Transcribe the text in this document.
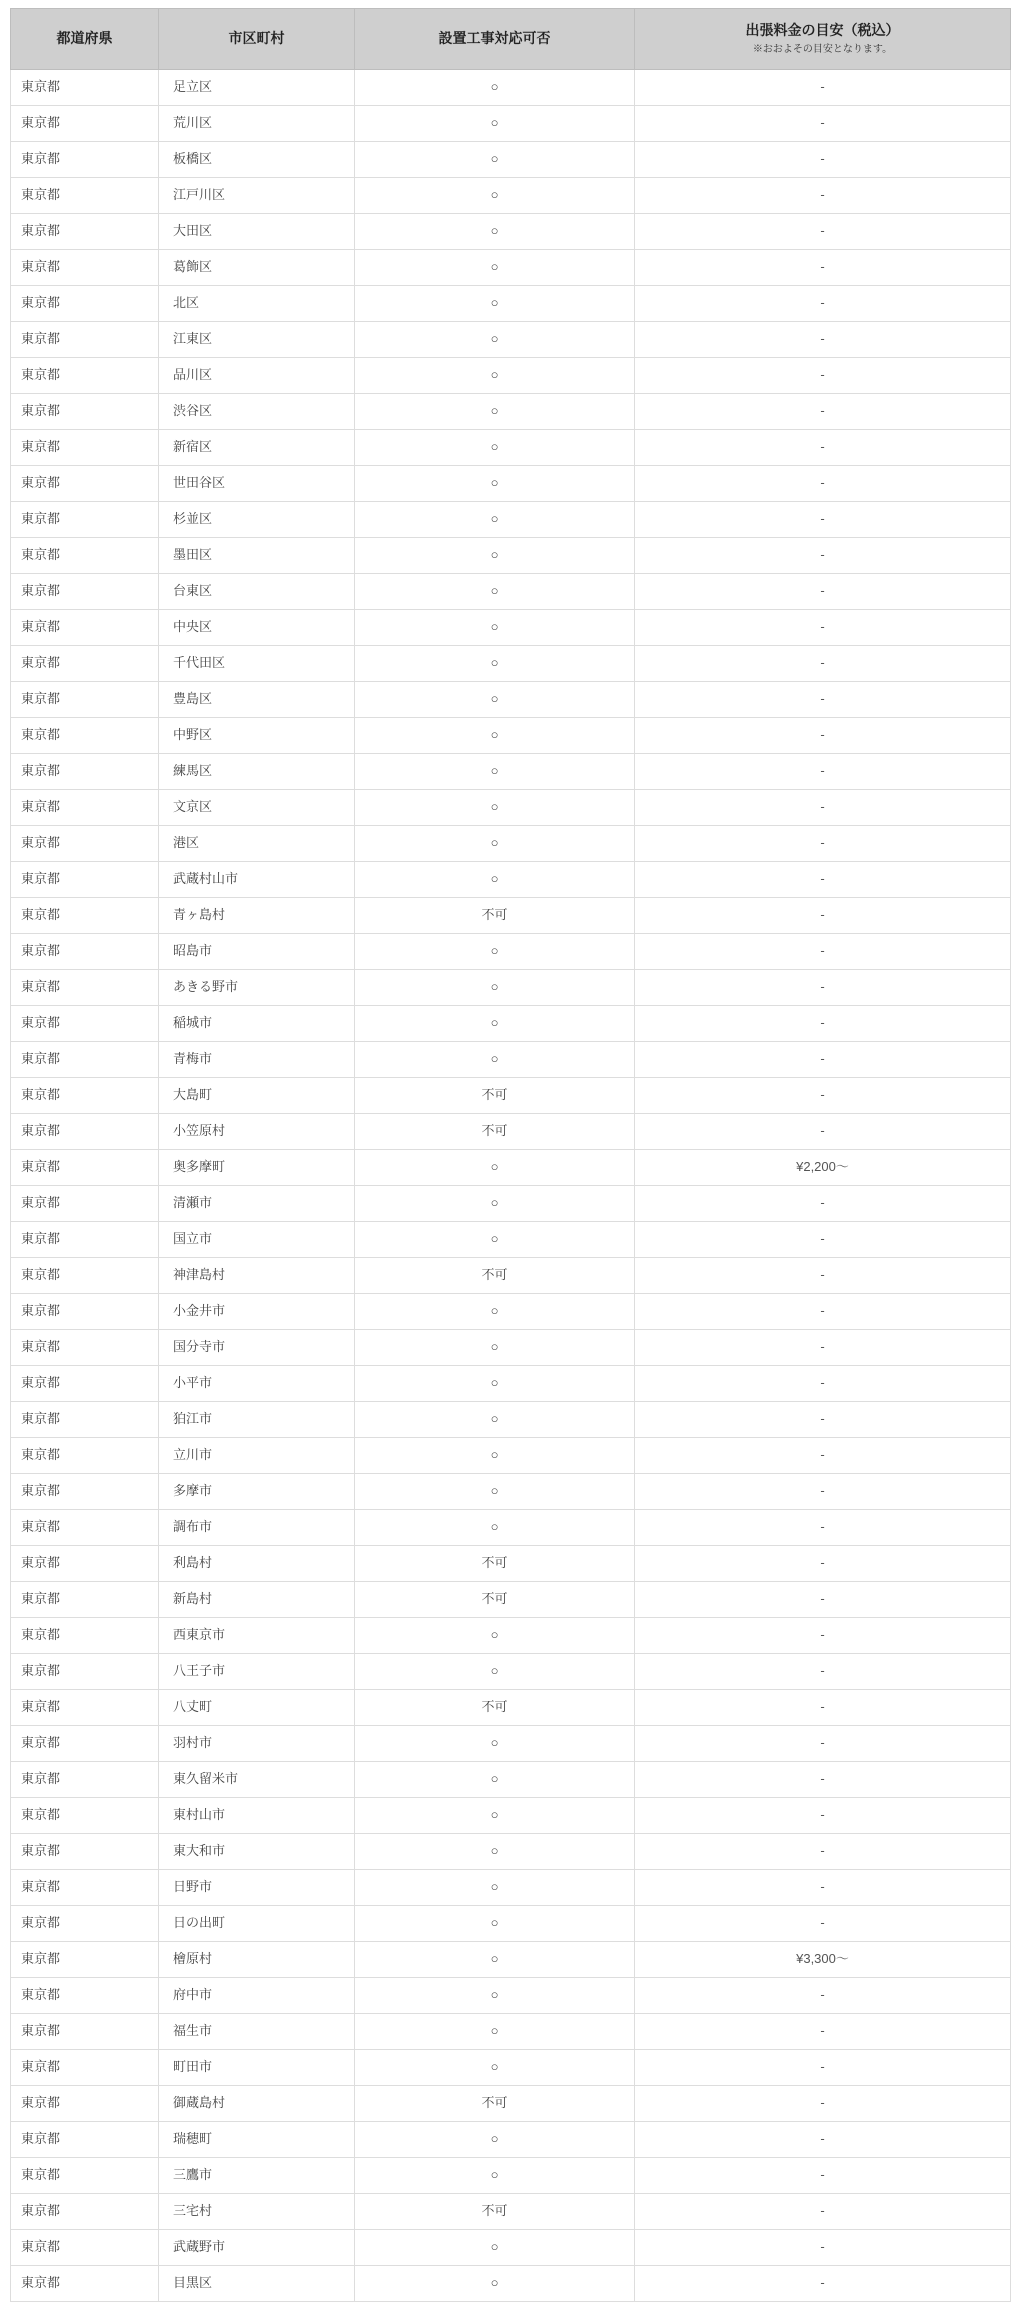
都道府県	市区町村	設置工事対応可否	出張料金の目安（税込）
※おおよその目安となります。

東京都	足立区	○	-
東京都	荒川区	○	-
東京都	板橋区	○	-
東京都	江戸川区	○	-
東京都	大田区	○	-
東京都	葛飾区	○	-
東京都	北区	○	-
東京都	江東区	○	-
東京都	品川区	○	-
東京都	渋谷区	○	-
東京都	新宿区	○	-
東京都	世田谷区	○	-
東京都	杉並区	○	-
東京都	墨田区	○	-
東京都	台東区	○	-
東京都	中央区	○	-
東京都	千代田区	○	-
東京都	豊島区	○	-
東京都	中野区	○	-
東京都	練馬区	○	-
東京都	文京区	○	-
東京都	港区	○	-
東京都	武蔵村山市	○	-
東京都	青ヶ島村	不可	-
東京都	昭島市	○	-
東京都	あきる野市	○	-
東京都	稲城市	○	-
東京都	青梅市	○	-
東京都	大島町	不可	-
東京都	小笠原村	不可	-
東京都	奥多摩町	○	¥2,200〜
東京都	清瀬市	○	-
東京都	国立市	○	-
東京都	神津島村	不可	-
東京都	小金井市	○	-
東京都	国分寺市	○	-
東京都	小平市	○	-
東京都	狛江市	○	-
東京都	立川市	○	-
東京都	多摩市	○	-
東京都	調布市	○	-
東京都	利島村	不可	-
東京都	新島村	不可	-
東京都	西東京市	○	-
東京都	八王子市	○	-
東京都	八丈町	不可	-
東京都	羽村市	○	-
東京都	東久留米市	○	-
東京都	東村山市	○	-
東京都	東大和市	○	-
東京都	日野市	○	-
東京都	日の出町	○	-
東京都	檜原村	○	¥3,300〜
東京都	府中市	○	-
東京都	福生市	○	-
東京都	町田市	○	-
東京都	御蔵島村	不可	-
東京都	瑞穂町	○	-
東京都	三鷹市	○	-
東京都	三宅村	不可	-
東京都	武蔵野市	○	-
東京都	目黒区	○	-
